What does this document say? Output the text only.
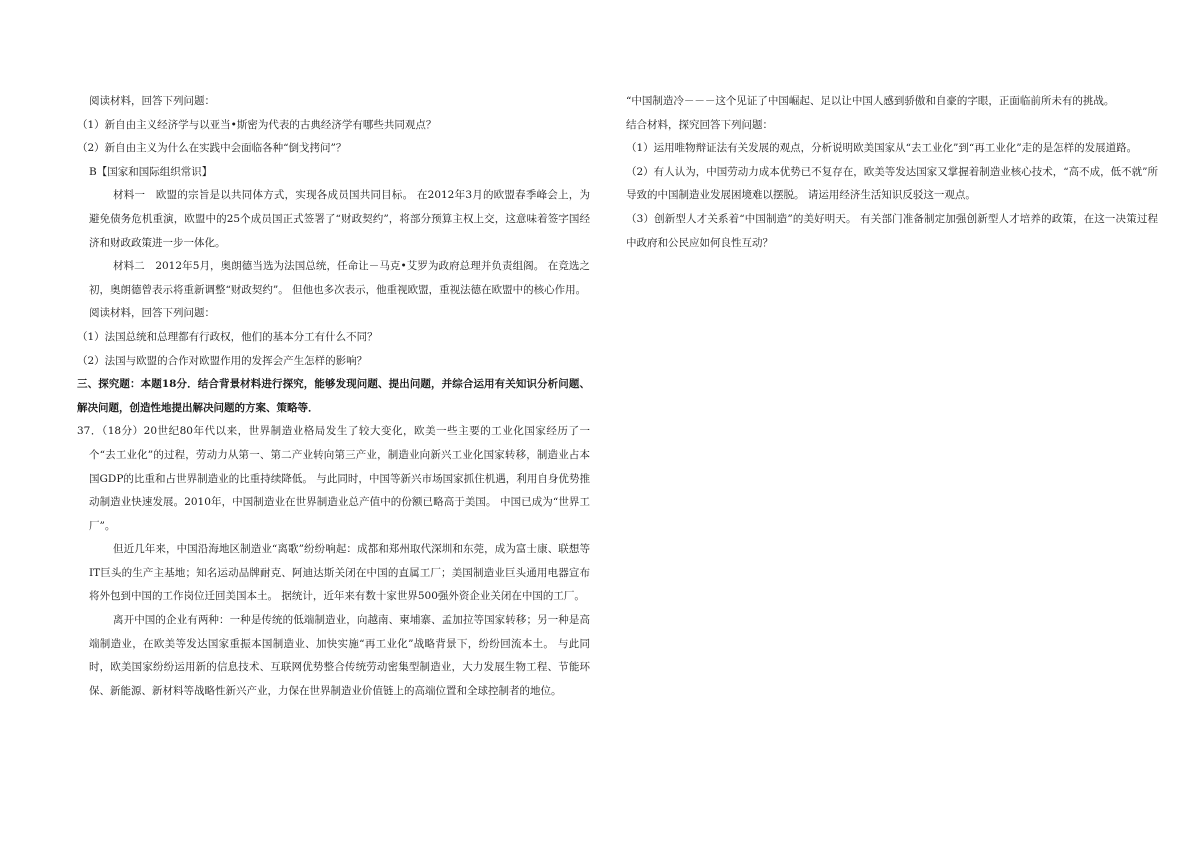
阅读材料，回答下列问题：
（1）新自由主义经济学与以亚当•斯密为代表的古典经济学有哪些共同观点？
（2）新自由主义为什么在实践中会面临各种“倒戈拷问”？
B【国家和国际组织常识】
材料一　欧盟的宗旨是以共同体方式，实现各成员国共同目标。 在2012年3月的欧盟春季峰会上，为避免债务危机重演，欧盟中的25个成员国正式签署了“财政契约”，将部分预算主权上交，这意味着签字国经济和财政政策进一步一体化。
材料二　2012年5月，奥朗德当选为法国总统，任命让－马克•艾罗为政府总理并负责组阁。 在竞选之初，奥朗德曾表示将重新调整“财政契约”。 但他也多次表示，他重视欧盟，重视法德在欧盟中的核心作用。
阅读材料，回答下列问题：
（1）法国总统和总理都有行政权，他们的基本分工有什么不同？
（2）法国与欧盟的合作对欧盟作用的发挥会产生怎样的影响？
三、探究题：本题18分．结合背景材料进行探究，能够发现问题、提出问题，并综合运用有关知识分析问题、解决问题，创造性地提出解决问题的方案、策略等．
37．（18分）20世纪80年代以来，世界制造业格局发生了较大变化，欧美一些主要的工业化国家经历了一个“去工业化”的过程，劳动力从第一、第二产业转向第三产业，制造业向新兴工业化国家转移，制造业占本国GDP的比重和占世界制造业的比重持续降低。 与此同时，中国等新兴市场国家抓住机遇，利用自身优势推动制造业快速发展。2010年，中国制造业在世界制造业总产值中的份额已略高于美国。 中国已成为“世界工厂”。
但近几年来，中国沿海地区制造业“离歌”纷纷响起：成都和郑州取代深圳和东莞，成为富士康、联想等IT巨头的生产主基地；知名运动品牌耐克、阿迪达斯关闭在中国的直属工厂；美国制造业巨头通用电器宣布将外包到中国的工作岗位迁回美国本土。 据统计，近年来有数十家世界500强外资企业关闭在中国的工厂。
离开中国的企业有两种：一种是传统的低端制造业，向越南、柬埔寨、孟加拉等国家转移；另一种是高端制造业，在欧美等发达国家重振本国制造业、加快实施“再工业化”战略背景下，纷纷回流本土。 与此同时，欧美国家纷纷运用新的信息技术、互联网优势整合传统劳动密集型制造业，大力发展生物工程、节能环保、新能源、新材料等战略性新兴产业，力保在世界制造业价值链上的高端位置和全球控制者的地位。
“中国制造冷－－－这个见证了中国崛起、足以让中国人感到骄傲和自豪的字眼，正面临前所未有的挑战。
结合材料，探究回答下列问题：
（1）运用唯物辩证法有关发展的观点，分析说明欧美国家从“去工业化”到“再工业化”走的是怎样的发展道路。
（2）有人认为，中国劳动力成本优势已不复存在，欧美等发达国家又掌握着制造业核心技术，“高不成，低不就”所导致的中国制造业发展困境难以摆脱。 请运用经济生活知识反驳这一观点。
（3）创新型人才关系着“中国制造”的美好明天。 有关部门准备制定加强创新型人才培养的政策，在这一决策过程中政府和公民应如何良性互动？
